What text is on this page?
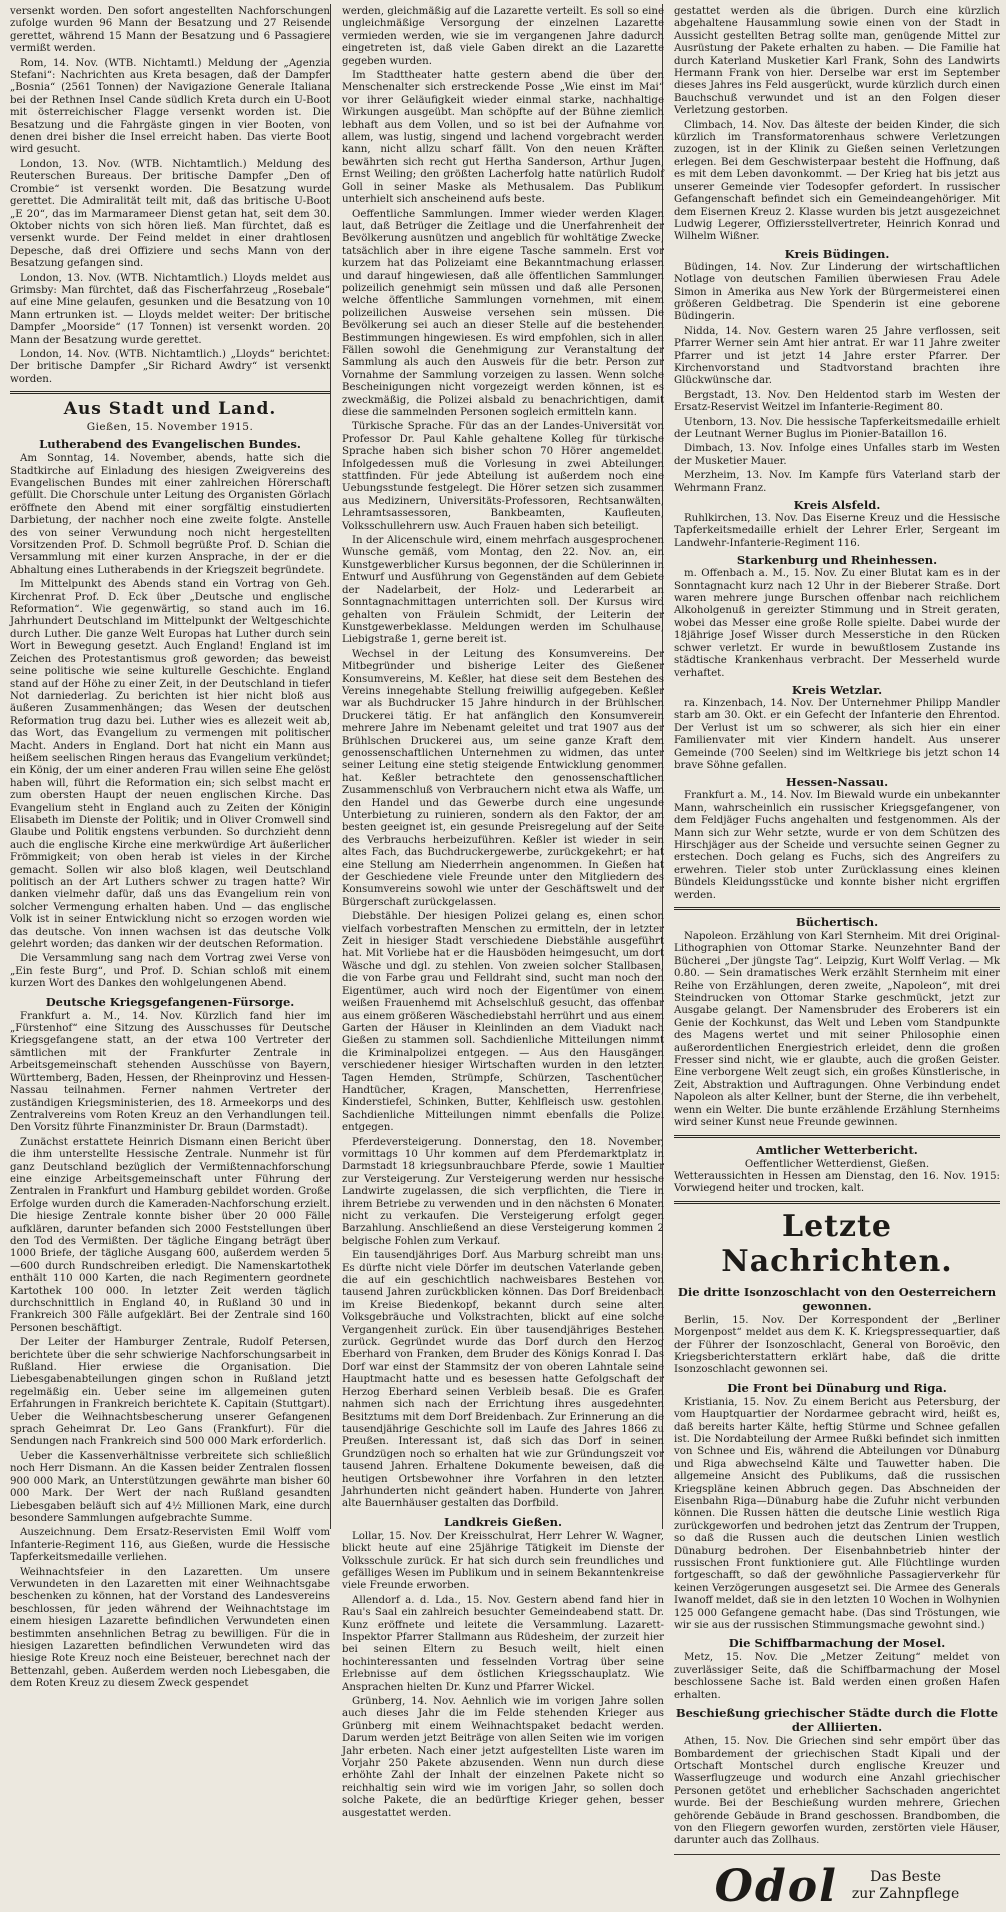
versenkt worden. Den sofort angestellten Nachforschungen zufolge wurden 96 Mann der Besatzung und 27 Reisende gerettet, während 15 Mann der Besatzung und 6 Passagiere vermißt werden.

Rom, 14. Nov. (WTB. Nichtamtl.) Meldung der „Agenzia Stefani“: Nachrichten aus Kreta besagen, daß der Dampfer „Bosnia“ (2561 Tonnen) der Navigazione Generale Italiana bei der Rethnen Insel Cande südlich Kreta durch ein U-Boot mit österreichischer Flagge versenkt worden ist. Die Besatzung und die Fahrgäste gingen in vier Booten, von denen drei bisher die Insel erreicht haben. Das vierte Boot wird gesucht.

London, 13. Nov. (WTB. Nichtamtlich.) Meldung des Reuterschen Bureaus. Der britische Dampfer „Den of Crombie“ ist versenkt worden. Die Besatzung wurde gerettet. Die Admiralität teilt mit, daß das britische U-Boot „E 20“, das im Marmarameer Dienst getan hat, seit dem 30. Oktober nichts von sich hören ließ. Man fürchtet, daß es versenkt wurde. Der Feind meldet in einer drahtlosen Depesche, daß drei Offiziere und sechs Mann von der Besatzung gefangen sind.

London, 13. Nov. (WTB. Nichtamtlich.) Lloyds meldet aus Grimsby: Man fürchtet, daß das Fischerfahrzeug „Rosebale“ auf eine Mine gelaufen, gesunken und die Besatzung von 10 Mann ertrunken ist. — Lloyds meldet weiter: Der britische Dampfer „Moorside“ (17 Tonnen) ist versenkt worden. 20 Mann der Besatzung wurde gerettet.

London, 14. Nov. (WTB. Nichtamtlich.) „Lloyds“ berichtet: Der britische Dampfer „Sir Richard Awdry“ ist versenkt worden.

Aus Stadt und Land.
Gießen, 15. November 1915.
Lutherabend des Evangelischen Bundes.

Am Sonntag, 14. November, abends, hatte sich die Stadtkirche auf Einladung des hiesigen Zweigvereins des Evangelischen Bundes mit einer zahlreichen Hörerschaft gefüllt. Die Chorschule unter Leitung des Organisten Görlach eröffnete den Abend mit einer sorgfältig einstudierten Darbietung, der nachher noch eine zweite folgte. Anstelle des von seiner Verwundung noch nicht hergestellten Vorsitzenden Prof. D. Schmoll begrüßte Prof. D. Schian die Versammlung mit einer kurzen Ansprache, in der er die Abhaltung eines Lutherabends in der Kriegszeit begründete.

Im Mittelpunkt des Abends stand ein Vortrag von Geh. Kirchenrat Prof. D. Eck über „Deutsche und englische Reformation“. Wie gegenwärtig, so stand auch im 16. Jahrhundert Deutschland im Mittelpunkt der Weltgeschichte durch Luther. Die ganze Welt Europas hat Luther durch sein Wort in Bewegung gesetzt. Auch England! England ist im Zeichen des Protestantismus groß geworden; das beweist seine politische wie seine kulturelle Geschichte. England stand auf der Höhe zu einer Zeit, in der Deutschland in tiefer Not darniederlag. Zu berichten ist hier nicht bloß aus äußeren Zusammenhängen; das Wesen der deutschen Reformation trug dazu bei. Luther wies es allezeit weit ab, das Wort, das Evangelium zu vermengen mit politischer Macht. Anders in England. Dort hat nicht ein Mann aus heißem seelischen Ringen heraus das Evangelium verkündet; ein König, der um einer anderen Frau willen seine Ehe gelöst haben will, führt die Reformation ein; sich selbst macht er zum obersten Haupt der neuen englischen Kirche. Das Evangelium steht in England auch zu Zeiten der Königin Elisabeth im Dienste der Politik; und in Oliver Cromwell sind Glaube und Politik engstens verbunden. So durchzieht denn auch die englische Kirche eine merkwürdige Art äußerlicher Frömmigkeit; von oben herab ist vieles in der Kirche gemacht. Sollen wir also bloß klagen, weil Deutschland politisch an der Art Luthers schwer zu tragen hatte? Wir danken vielmehr dafür, daß uns das Evangelium rein von solcher Vermengung erhalten haben. Und — das englische Volk ist in seiner Entwicklung nicht so erzogen worden wie das deutsche. Von innen wachsen ist das deutsche Volk gelehrt worden; das danken wir der deutschen Reformation.

Die Versammlung sang nach dem Vortrag zwei Verse von „Ein feste Burg“, und Prof. D. Schian schloß mit einem kurzen Wort des Dankes den wohlgelungenen Abend.

Deutsche Kriegsgefangenen-Fürsorge.

Frankfurt a. M., 14. Nov. Kürzlich fand hier im „Fürstenhof“ eine Sitzung des Ausschusses für Deutsche Kriegsgefangene statt, an der etwa 100 Vertreter der sämtlichen mit der Frankfurter Zentrale in Arbeitsgemeinschaft stehenden Ausschüsse von Bayern, Württemberg, Baden, Hessen, der Rheinprovinz und Hessen-Nassau teilnahmen. Ferner nahmen Vertreter der zuständigen Kriegsministerien, des 18. Armeekorps und des Zentralvereins vom Roten Kreuz an den Verhandlungen teil. Den Vorsitz führte Finanzminister Dr. Braun (Darmstadt).

Zunächst erstattete Heinrich Dismann einen Bericht über die ihm unterstellte Hessische Zentrale. Nunmehr ist für ganz Deutschland bezüglich der Vermißtennachforschung eine einzige Arbeitsgemeinschaft unter Führung der Zentralen in Frankfurt und Hamburg gebildet worden. Große Erfolge wurden durch die Kameraden-Nachforschung erzielt. Die hiesige Zentrale konnte bisher über 20 000 Fälle aufklären, darunter befanden sich 2000 Feststellungen über den Tod des Vermißten. Der tägliche Eingang beträgt über 1000 Briefe, der tägliche Ausgang 600, außerdem werden 5—600 durch Rundschreiben erledigt. Die Namenskartothek enthält 110 000 Karten, die nach Regimentern geordnete Kartothek 100 000. In letzter Zeit werden täglich durchschnittlich in England 40, in Rußland 30 und in Frankreich 300 Fälle aufgeklärt. Bei der Zentrale sind 160 Personen beschäftigt.

Der Leiter der Hamburger Zentrale, Rudolf Petersen, berichtete über die sehr schwierige Nachforschungsarbeit in Rußland. Hier erwiese die Organisation. Die Liebesgabenabteilungen gingen schon in Rußland jetzt regelmäßig ein. Ueber seine im allgemeinen guten Erfahrungen in Frankreich berichtete K. Capitain (Stuttgart). Ueber die Weihnachtsbescherung unserer Gefangenen sprach Geheimrat Dr. Leo Gans (Frankfurt). Für die Sendungen nach Frankreich sind 500 000 Mark erforderlich.

Ueber die Kassenverhältnisse verbreitete sich schließlich noch Herr Dismann. An die Kassen beider Zentralen flossen 900 000 Mark, an Unterstützungen gewährte man bisher 60 000 Mark. Der Wert der nach Rußland gesandten Liebesgaben beläuft sich auf 4½ Millionen Mark, eine durch besondere Sammlungen aufgebrachte Summe.

Auszeichnung. Dem Ersatz-Reservisten Emil Wolff vom Infanterie-Regiment 116, aus Gießen, wurde die Hessische Tapferkeitsmedaille verliehen.

Weihnachtsfeier in den Lazaretten. Um unsere Verwundeten in den Lazaretten mit einer Weihnachtsgabe beschenken zu können, hat der Vorstand des Landesvereins beschlossen, für jeden während der Weihnachtstage im einem hiesigen Lazarette befindlichen Verwundeten einen bestimmten ansehnlichen Betrag zu bewilligen. Für die in hiesigen Lazaretten befindlichen Verwundeten wird das hiesige Rote Kreuz noch eine Beisteuer, berechnet nach der Bettenzahl, geben. Außerdem werden noch Liebesgaben, die dem Roten Kreuz zu diesem Zweck gespendet

werden, gleichmäßig auf die Lazarette verteilt. Es soll so eine ungleichmäßige Versorgung der einzelnen Lazarette vermieden werden, wie sie im vergangenen Jahre dadurch eingetreten ist, daß viele Gaben direkt an die Lazarette gegeben wurden.

Im Stadttheater hatte gestern abend die über den Menschenalter sich erstreckende Posse „Wie einst im Mai“ vor ihrer Geläufigkeit wieder einmal starke, nachhaltige Wirkungen ausgeübt. Man schöpfte auf der Bühne ziemlich lebhaft aus dem Vollen, und so ist bei der Aufnahme von allem, was lustig, singend und lachend vorgebracht werden kann, nicht allzu scharf fällt. Von den neuen Kräften bewährten sich recht gut Hertha Sanderson, Arthur Jugen, Ernst Weiling; den größten Lacherfolg hatte natürlich Rudolf Goll in seiner Maske als Methusalem. Das Publikum unterhielt sich anscheinend aufs beste.

Oeffentliche Sammlungen. Immer wieder werden Klagen laut, daß Betrüger die Zeitlage und die Unerfahrenheit der Bevölkerung ausnützen und angeblich für wohltätige Zwecke, tatsächlich aber in ihre eigene Tasche sammeln. Erst vor kurzem hat das Polizeiamt eine Bekanntmachung erlassen und darauf hingewiesen, daß alle öffentlichen Sammlungen polizeilich genehmigt sein müssen und daß alle Personen, welche öffentliche Sammlungen vornehmen, mit einem polizeilichen Ausweise versehen sein müssen. Die Bevölkerung sei auch an dieser Stelle auf die bestehenden Bestimmungen hingewiesen. Es wird empfohlen, sich in allen Fällen sowohl die Genehmigung zur Veranstaltung der Sammlung als auch den Ausweis für die betr. Person zur Vornahme der Sammlung vorzeigen zu lassen. Wenn solche Bescheinigungen nicht vorgezeigt werden können, ist es zweckmäßig, die Polizei alsbald zu benachrichtigen, damit diese die sammelnden Personen sogleich ermitteln kann.

Türkische Sprache. Für das an der Landes-Universität von Professor Dr. Paul Kahle gehaltene Kolleg für türkische Sprache haben sich bisher schon 70 Hörer angemeldet. Infolgedessen muß die Vorlesung in zwei Abteilungen stattfinden. Für jede Abteilung ist außerdem noch eine Uebungsstunde festgelegt. Die Hörer setzen sich zusammen aus Medizinern, Universitäts-Professoren, Rechtsanwälten, Lehramtsassessoren, Bankbeamten, Kaufleuten, Volksschullehrern usw. Auch Frauen haben sich beteiligt.

In der Alicenschule wird, einem mehrfach ausgesprochenen Wunsche gemäß, vom Montag, den 22. Nov. an, ein Kunstgewerblicher Kursus begonnen, der die Schülerinnen in Entwurf und Ausführung von Gegenständen auf dem Gebiete der Nadelarbeit, der Holz- und Lederarbeit an Sonntagnachmittagen unterrichten soll. Der Kursus wird gehalten von Fräulein Schmidt, der Leiterin der Kunstgewerbeklasse. Meldungen werden im Schulhause, Liebigstraße 1, gerne bereit ist.

Wechsel in der Leitung des Konsumvereins. Der Mitbegründer und bisherige Leiter des Gießener Konsumvereins, M. Keßler, hat diese seit dem Bestehen des Vereins innegehabte Stellung freiwillig aufgegeben. Keßler war als Buchdrucker 15 Jahre hindurch in der Brühlschen Druckerei tätig. Er hat anfänglich den Konsumverein mehrere Jahre im Nebenamt geleitet und trat 1907 aus der Brühlschen Druckerei aus, um seine ganze Kraft dem genossenschaftlichen Unternehmen zu widmen, das unter seiner Leitung eine stetig steigende Entwicklung genommen hat. Keßler betrachtete den genossenschaftlichen Zusammenschluß von Verbrauchern nicht etwa als Waffe, um den Handel und das Gewerbe durch eine ungesunde Unterbietung zu ruinieren, sondern als den Faktor, der am besten geeignet ist, ein gesunde Preisregelung auf der Seite des Verbrauchs herbeizuführen. Keßler ist wieder in sein altes Fach, das Buchdruckergewerbe, zurückgekehrt; er hat eine Stellung am Niederrhein angenommen. In Gießen hat der Geschiedene viele Freunde unter den Mitgliedern des Konsumvereins sowohl wie unter der Geschäftswelt und der Bürgerschaft zurückgelassen.

Diebstähle. Der hiesigen Polizei gelang es, einen schon vielfach vorbestraften Menschen zu ermitteln, der in letzter Zeit in hiesiger Stadt verschiedene Diebstähle ausgeführt hat. Mit Vorliebe hat er die Hausböden heimgesucht, um dort Wäsche und dgl. zu stehlen. Von zweien solcher Stallbasen, die von Farbe grau und Felldraht sind, sucht man noch den Eigentümer, auch wird noch der Eigentümer von einem weißen Frauenhemd mit Achselschluß gesucht, das offenbar aus einem größeren Wäschediebstahl herrührt und aus einem Garten der Häuser in Kleinlinden an dem Viadukt nach Gießen zu stammen soll. Sachdienliche Mitteilungen nimmt die Kriminalpolizei entgegen. — Aus den Hausgängen verschiedener hiesiger Wirtschaften wurden in den letzten Tagen Hemden, Strümpfe, Schürzen, Taschentücher, Handtücher, Kragen, Manschetten, Herrenfriese, Kinderstiefel, Schinken, Butter, Kehlfleisch usw. gestohlen. Sachdienliche Mitteilungen nimmt ebenfalls die Polizei entgegen.

Pferdeversteigerung. Donnerstag, den 18. November, vormittags 10 Uhr kommen auf dem Pferdemarktplatz in Darmstadt 18 kriegsunbrauchbare Pferde, sowie 1 Maultier zur Versteigerung. Zur Versteigerung werden nur hessische Landwirte zugelassen, die sich verpflichten, die Tiere in ihrem Betriebe zu verwenden und in den nächsten 6 Monaten nicht zu verkaufen. Die Versteigerung erfolgt gegen Barzahlung. Anschließend an diese Versteigerung kommen 2 belgische Fohlen zum Verkauf.

Ein tausendjähriges Dorf. Aus Marburg schreibt man uns: Es dürfte nicht viele Dörfer im deutschen Vaterlande geben, die auf ein geschichtlich nachweisbares Bestehen von tausend Jahren zurückblicken können. Das Dorf Breidenbach im Kreise Biedenkopf, bekannt durch seine alten Volksgebräuche und Volkstrachten, blickt auf eine solche Vergangenheit zurück. Ein über tausendjähriges Bestehen zurück. Gegründet wurde das Dorf durch den Herzog Eberhard von Franken, dem Bruder des Königs Konrad I. Das Dorf war einst der Stammsitz der von oberen Lahntale seine Hauptmacht hatte und es besessen hatte Gefolgschaft der Herzog Eberhard seinen Verbleib besaß. Die es Grafen nahmen sich nach der Errichtung ihres ausgedehnten Besitztums mit dem Dorf Breidenbach. Zur Erinnerung an die tausendjährige Geschichte soll im Laufe des Jahres 1866 zu Preußen. Interessant ist, daß sich das Dorf in seinen Grundzügen noch so erhalten hat wie zur Gründungszeit vor tausend Jahren. Erhaltene Dokumente beweisen, daß die heutigen Ortsbewohner ihre Vorfahren in den letzten Jahrhunderten nicht geändert haben. Hunderte von Jahren alte Bauernhäuser gestalten das Dorfbild.

Landkreis Gießen.

Lollar, 15. Nov. Der Kreisschulrat, Herr Lehrer W. Wagner, blickt heute auf eine 25jährige Tätigkeit im Dienste der Volksschule zurück. Er hat sich durch sein freundliches und gefälliges Wesen im Publikum und in seinem Bekanntenkreise viele Freunde erworben.

Allendorf a. d. Lda., 15. Nov. Gestern abend fand hier in Rau's Saal ein zahlreich besuchter Gemeindeabend statt. Dr. Kunz eröffnete und leitete die Versammlung. Lazarett-Inspektor Pfarrer Stallmann aus Rüdesheim, der zurzeit hier bei seinen Eltern zu Besuch weilt, hielt einen hochinteressanten und fesselnden Vortrag über seine Erlebnisse auf dem östlichen Kriegsschauplatz. Wie Ansprachen hielten Dr. Kunz und Pfarrer Wickel.

Grünberg, 14. Nov. Aehnlich wie im vorigen Jahre sollen auch dieses Jahr die im Felde stehenden Krieger aus Grünberg mit einem Weihnachtspaket bedacht werden. Darum werden jetzt Beiträge von allen Seiten wie im vorigen Jahr erbeten. Nach einer jetzt aufgestellten Liste waren im Vorjahr 250 Pakete abzusenden. Wenn nun durch diese erhöhte Zahl der Inhalt der einzelnen Pakete nicht so reichhaltig sein wird wie im vorigen Jahr, so sollen doch solche Pakete, die an bedürftige Krieger gehen, besser ausgestattet werden.

gestattet werden als die übrigen. Durch eine kürzlich abgehaltene Hausammlung sowie einen von der Stadt in Aussicht gestellten Betrag sollte man, genügende Mittel zur Ausrüstung der Pakete erhalten zu haben. — Die Familie hat durch Katerland Musketier Karl Frank, Sohn des Landwirts Hermann Frank von hier. Derselbe war erst im September dieses Jahres ins Feld ausgerückt, wurde kürzlich durch einen Bauchschuß verwundet und ist an den Folgen dieser Verletzung gestorben.

Climbach, 14. Nov. Das älteste der beiden Kinder, die sich kürzlich im Transformatorenhaus schwere Verletzungen zuzogen, ist in der Klinik zu Gießen seinen Verletzungen erlegen. Bei dem Geschwisterpaar besteht die Hoffnung, daß es mit dem Leben davonkommt. — Der Krieg hat bis jetzt aus unserer Gemeinde vier Todesopfer gefordert. In russischer Gefangenschaft befindet sich ein Gemeindeangehöriger. Mit dem Eisernen Kreuz 2. Klasse wurden bis jetzt ausgezeichnet Ludwig Legerer, Offiziersstellvertreter, Heinrich Konrad und Wilhelm Wißner.

Kreis Büdingen.

Büdingen, 14. Nov. Zur Linderung der wirtschaftlichen Notlage von deutschen Familien überwiesen Frau Adele Simon in Amerika aus New York der Bürgermeisterei einen größeren Geldbetrag. Die Spenderin ist eine geborene Büdingerin.

Nidda, 14. Nov. Gestern waren 25 Jahre verflossen, seit Pfarrer Werner sein Amt hier antrat. Er war 11 Jahre zweiter Pfarrer und ist jetzt 14 Jahre erster Pfarrer. Der Kirchenvorstand und Stadtvorstand brachten ihre Glückwünsche dar.

Bergstadt, 13. Nov. Den Heldentod starb im Westen der Ersatz-Reservist Weitzel im Infanterie-Regiment 80.

Utenborn, 13. Nov. Die hessische Tapferkeitsmedaille erhielt der Leutnant Werner Buglus im Pionier-Bataillon 16.

Dimbach, 13. Nov. Infolge eines Unfalles starb im Westen der Musketier Mauer.

Merzheim, 13. Nov. Im Kampfe fürs Vaterland starb der Wehrmann Franz.

Kreis Alsfeld.

Ruhlkirchen, 13. Nov. Das Eiserne Kreuz und die Hessische Tapferkeitsmedaille erhielt der Lehrer Erler, Sergeant im Landwehr-Infanterie-Regiment 116.

Starkenburg und Rheinhessen.

m. Offenbach a. M., 15. Nov. Zu einer Blutat kam es in der Sonntagnacht kurz nach 12 Uhr in der Bieberer Straße. Dort waren mehrere junge Burschen offenbar nach reichlichem Alkoholgenuß in gereizter Stimmung und in Streit geraten, wobei das Messer eine große Rolle spielte. Dabei wurde der 18jährige Josef Wisser durch Messerstiche in den Rücken schwer verletzt. Er wurde in bewußtlosem Zustande ins städtische Krankenhaus verbracht. Der Messerheld wurde verhaftet.

Kreis Wetzlar.

ra. Kinzenbach, 14. Nov. Der Unternehmer Philipp Mandler starb am 30. Okt. er ein Gefecht der Infanterie den Ehrentod. Der Verlust ist um so schwerer, als sich hier ein einer Familienvater mit vier Kindern handelt. Aus unserer Gemeinde (700 Seelen) sind im Weltkriege bis jetzt schon 14 brave Söhne gefallen.

Hessen-Nassau.

Frankfurt a. M., 14. Nov. Im Biewald wurde ein unbekannter Mann, wahrscheinlich ein russischer Kriegsgefangener, von dem Feldjäger Fuchs angehalten und festgenommen. Als der Mann sich zur Wehr setzte, wurde er von dem Schützen des Hirschjäger aus der Scheide und versuchte seinen Gegner zu erstechen. Doch gelang es Fuchs, sich des Angreifers zu erwehren. Tieler stob unter Zurücklassung eines kleinen Bündels Kleidungsstücke und konnte bisher nicht ergriffen werden.

Büchertisch.

Napoleon. Erzählung von Karl Sternheim. Mit drei Original-Lithographien von Ottomar Starke. Neunzehnter Band der Bücherei „Der jüngste Tag“. Leipzig, Kurt Wolff Verlag. — Mk 0.80. — Sein dramatisches Werk erzählt Sternheim mit einer Reihe von Erzählungen, deren zweite, „Napoleon“, mit drei Steindrucken von Ottomar Starke geschmückt, jetzt zur Ausgabe gelangt. Der Namensbruder des Eroberers ist ein Genie der Kochkunst, das Welt und Leben vom Standpunkte des Magens wertet und mit seiner Philosophie einen außerordentlichen Energiestrich erleidet, denn die großen Fresser sind nicht, wie er glaubte, auch die großen Geister. Eine verborgene Welt zeugt sich, ein großes Künstlerische, in Zeit, Abstraktion und Auftragungen. Ohne Verbindung endet Napoleon als alter Kellner, bunt der Sterne, die ihn verbehelt, wenn ein Welter. Die bunte erzählende Erzählung Sternheims wird seiner Kunst neue Freunde gewinnen.

Amtlicher Wetterbericht.
Oeffentlicher Wetterdienst, Gießen.
Wetteraussichten in Hessen am Dienstag, den 16. Nov. 1915: Vorwiegend heiter und trocken, kalt.
Letzte Nachrichten.
Die dritte Isonzoschlacht von den Oesterreichern gewonnen.

Berlin, 15. Nov. Der Korrespondent der „Berliner Morgenpost“ meldet aus dem K. K. Kriegspressequartier, daß der Führer der Isonzoschlacht, General von Boroëvic, den Kriegsberichterstattern erklärt habe, daß die dritte Isonzoschlacht gewonnen sei.

Die Front bei Dünaburg und Riga.

Kristiania, 15. Nov. Zu einem Bericht aus Petersburg, der vom Hauptquartier der Nordarmee gebracht wird, heißt es, daß bereits harter Kälte, heftig Stürme und Schnee gefallen ist. Die Nordabteilung der Armee Rußki befindet sich inmitten von Schnee und Eis, während die Abteilungen vor Dünaburg und Riga abwechselnd Kälte und Tauwetter haben. Die allgemeine Ansicht des Publikums, daß die russischen Kriegspläne keinen Abbruch gegen. Das Abschneiden der Eisenbahn Riga—Dünaburg habe die Zufuhr nicht verbunden können. Die Russen hätten die deutsche Linie westlich Riga zurückgeworfen und bedrohen jetzt das Zentrum der Truppen, so daß die Russen auch die deutschen Linien westlich Dünaburg bedrohen. Der Eisenbahnbetrieb hinter der russischen Front funktioniere gut. Alle Flüchtlinge wurden fortgeschafft, so daß der gewöhnliche Passagierverkehr für keinen Verzögerungen ausgesetzt sei. Die Armee des Generals Iwanoff meldet, daß sie in den letzten 10 Wochen in Wolhynien 125 000 Gefangene gemacht habe. (Das sind Tröstungen, wie wir sie aus der russischen Stimmungsmache gewohnt sind.)

Die Schiffbarmachung der Mosel.

Metz, 15. Nov. Die „Metzer Zeitung“ meldet von zuverlässiger Seite, daß die Schiffbarmachung der Mosel beschlossene Sache ist. Bald werden einen großen Hafen erhalten.

Beschießung griechischer Städte durch die Flotte der Alliierten.

Athen, 15. Nov. Die Griechen sind sehr empört über das Bombardement der griechischen Stadt Kipali und der Ortschaft Montschel durch englische Kreuzer und Wasserflugzeuge und wodurch eine Anzahl griechischer Personen getötet und erheblicher Sachschaden angerichtet wurde. Bei der Beschießung wurden mehrere, Griechen gehörende Gebäude in Brand geschossen. Brandbomben, die von den Fliegern geworfen wurden, zerstörten viele Häuser, darunter auch das Zollhaus.

Odol	Das Beste
zur Zahnpflege
